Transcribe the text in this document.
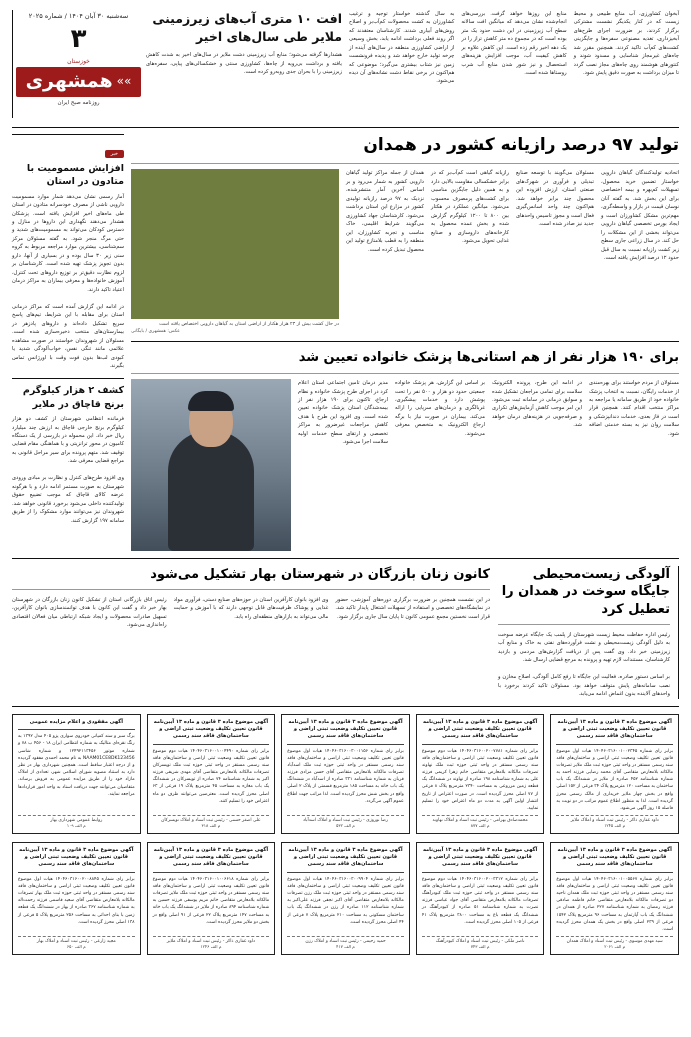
سه‌شنبه ۳۰ آبان ۱۴۰۴ / شماره ۲۰۲۵
۳
خوزستان
»»
همشهری
روزنامه صبح ایران
افت ۱۰ متری آب‌های زیرزمینی ملایر طی سال‌های اخیر
هشدارها گرفته می‌شود؛ منابع آب زیرزمینی دشت ملایر در سال‌های اخیر به شدت کاهش یافته و برداشت بی‌رویه از چاه‌ها، کشاورزی سنتی و خشکسالی‌های پیاپی، سفره‌های زیرزمینی را با بحران جدی روبه‌رو کرده است.
به سال گذشته خواستار توجیه و ترغیب کشاورزان به کشت محصولات کم‌آب‌بر و اصلاح روش‌های آبیاری شدند. کارشناسان معتقدند که اگر روند فعلی برداشت ادامه یابد، بخش وسیعی از اراضی کشاورزی منطقه در سال‌های آینده از چرخه تولید خارج خواهد شد و پدیده فرونشست زمین نیز شتاب بیشتری می‌گیرد؛ موضوعی که هم‌اکنون در برخی نقاط دشت نشانه‌های آن دیده می‌شود.
منابع این روزها خواهد گرفت. بررسی‌های انجام‌شده نشان می‌دهد که میانگین افت سالانه سطح آب زیرزمینی در این دشت حدود یک متر بوده است که در مجموع ده متر کاهش تراز را در یک دهه اخیر رقم زده است. این کاهش علاوه بر کاهش کیفیت آب، موجب افزایش هزینه‌های استحصال و نیز شور شدن منابع آب شرب روستاها شده است.
آبخوان کشاورزی، آب منابع طبیعی و محیط زیست که در کنار یکدیگر نشست مشترکی برگزار کردند، بر ضرورت اجرای طرح‌های آبخیزداری، تغذیه مصنوعی سفره‌ها و جایگزینی کشت‌های کم‌آب تاکید کردند. همچنین مقرر شد چاه‌های غیرمجاز شناسایی و مسدود شوند و کنتورهای هوشمند روی چاه‌های مجاز نصب گردد تا میزان برداشت به صورت دقیق پایش شود.
خبر
افزایش مسمومیت با متادون در استان
آمار رسمی نشان می‌دهد شمار موارد مسمومیت دارویی ناشی از مصرف خودسرانه متادون در استان طی ماه‌های اخیر افزایش یافته است. پزشکان هشدار می‌دهند نگهداری این داروها در منازل و دسترس کودکان می‌تواند به مسمومیت‌های شدید و حتی مرگ منجر شود. به گفته مسئولان مرکز سم‌شناسی، بیشترین موارد مراجعه مربوط به گروه سنی زیر ۳۰ سال بوده و در بسیاری از آنها، دارو بدون تجویز پزشک تهیه شده است. کارشناسان بر لزوم نظارت دقیق‌تر بر توزیع داروهای تحت کنترل، آموزش خانواده‌ها و معرفی بیماران به مراکز درمان اعتیاد تاکید دارند.

در ادامه این گزارش آمده است که مراکز درمانی استان برای مقابله با این شرایط، تیم‌های پاسخ سریع تشکیل داده‌اند و داروهای پادزهر در بیمارستان‌های منتخب ذخیره‌سازی شده است. مسئولان از شهروندان خواستند در صورت مشاهده علائمی مانند تنگی نفس، خواب‌آلودگی شدید یا کبودی لب‌ها بدون فوت وقت با اورژانس تماس بگیرند.
کشف ۲ هزار کیلوگرم برنج قاچاق در ملایر
فرمانده انتظامی شهرستان از کشف دو هزار کیلوگرم برنج خارجی قاچاق به ارزش چند میلیارد ریال خبر داد. این محموله در بازرسی از یک دستگاه کامیون در محور ترانزیتی و با هماهنگی مقام قضایی توقیف شد. متهم پرونده برای سیر مراحل قانونی به مراجع قضایی معرفی شد.

وی افزود طرح‌های کنترل و نظارت بر مبادی ورودی شهرستان به صورت مستمر ادامه دارد و با هرگونه عرضه کالای قاچاق که موجب تضییع حقوق تولیدکننده داخلی می‌شود برخورد قانونی خواهد شد. شهروندان نیز می‌توانند موارد مشکوک را از طریق سامانه ۱۹۷ گزارش کنند.
تولید ۹۷ درصد رازیانه کشور در همدان
در حال کشت بیش از ۲۳ هزار هکتار از اراضی استان به گیاهان دارویی اختصاص یافته است
عکس: همشهری / بایگانی
همدان از جمله مراکز تولید گیاهان دارویی کشور به شمار می‌رود و بر اساس آخرین آمار منتشرشده، نزدیک به ۹۷ درصد رازیانه تولیدی کشور در مزارع این استان برداشت می‌شود. کارشناسان جهاد کشاورزی می‌گویند شرایط اقلیمی، خاک مناسب و تجربه کشاورزان، این منطقه را به قطب بلامنازع تولید این محصول تبدیل کرده است.
رازیانه گیاهی است کم‌آب‌بر که در برابر خشکسالی مقاومت بالایی دارد و به همین دلیل جایگزین مناسبی برای کشت‌های پرمصرف محسوب می‌شود. میانگین عملکرد در هکتار بین ۸۰۰ تا ۱۲۰۰ کیلوگرم گزارش شده و بخش عمده محصول به کارخانه‌های داروسازی و صنایع غذایی تحویل می‌شود.
مسئولان می‌گویند با توسعه صنایع تبدیلی و فرآوری در شهرک‌های صنعتی استان، ارزش افزوده این محصول چند برابر خواهد شد. هم‌اکنون چند واحد اسانس‌گیری فعال است و مجوز تاسیس واحدهای جدید نیز صادر شده است.
اتحادیه تولیدکنندگان گیاهان دارویی خواستار تضمین خرید محصول، تسهیلات کم‌بهره و بیمه اختصاصی برای این بخش شد. به گفته آنان نوسان قیمت در بازار و واسطه‌گری، مهم‌ترین مشکل کشاورزان است و ایجاد بورس تخصصی گیاهان دارویی می‌تواند بخشی از این مشکلات را حل کند. در سال زراعی جاری سطح زیر کشت رازیانه نسبت به سال قبل حدود ۱۲ درصد افزایش یافته است.
برای ۱۹۰ هزار نفر از هم استانی‌ها پزشک خانواده تعیین شد
مدیر درمان تامین اجتماعی استان اعلام کرد در اجرای طرح پزشک خانواده و نظام ارجاع، تاکنون برای ۱۹۰ هزار نفر از بیمه‌شدگان استان پزشک خانواده تعیین شده است. وی افزود این طرح با هدف کاهش مراجعات غیرضرور به مراکز تخصصی و ارتقای سطح خدمات اولیه سلامت اجرا می‌شود.
بر اساس این گزارش، هر پزشک خانواده جمعیتی حدود دو هزار و ۵۰۰ نفر را تحت پوشش دارد و خدمات پیشگیری، غربالگری و درمان‌های سرپایی را ارائه می‌کند. بیماران در صورت نیاز با برگه ارجاع الکترونیک به متخصص معرفی می‌شوند.
در ادامه این طرح، پرونده الکترونیک سلامت برای تمامی مراجعان تشکیل شده و سوابق درمانی در سامانه ثبت می‌شود. این امر موجب کاهش آزمایش‌های تکراری و صرفه‌جویی در هزینه‌های درمان خواهد شد.
مسئولان از مردم خواستند برای بهره‌مندی از خدمات رایگان، نسبت به انتخاب پزشک خانواده خود از طریق سامانه یا مراجعه به مراکز منتخب اقدام کنند. همچنین قرار است در فاز بعدی، خدمات دندانپزشکی و سلامت روان نیز به بسته خدمتی اضافه شود.
کانون زنان بازرگان در شهرستان بهار تشکیل می‌شود
رئیس اتاق بازرگانی استان از تشکیل کانون زنان بازرگان در شهرستان بهار خبر داد و گفت این کانون با هدف توانمندسازی بانوان کارآفرین، تسهیل صادرات محصولات و ایجاد شبکه ارتباطی میان فعالان اقتصادی راه‌اندازی می‌شود.
وی افزود بانوان کارآفرین استان در حوزه‌های صنایع دستی، فرآوری مواد غذایی و پوشاک ظرفیت‌های قابل توجهی دارند که با آموزش و حمایت مالی می‌تواند به بازارهای منطقه‌ای راه یابد.
در این نشست همچنین بر ضرورت برگزاری دوره‌های آموزشی، حضور در نمایشگاه‌های تخصصی و استفاده از تسهیلات اشتغال پایدار تاکید شد. قرار است نخستین مجمع عمومی کانون تا پایان سال جاری برگزار شود.
آلودگی زیست‌محیطی جایگاه سوخت در همدان را تعطیل کرد
رئیس اداره حفاظت محیط زیست شهرستان از پلمب یک جایگاه عرضه سوخت به دلیل آلودگی زیست‌محیطی و نشت فرآورده‌های نفتی به خاک و منابع آب زیرزمینی خبر داد. وی گفت پس از دریافت گزارش‌های مردمی و بازدید کارشناسان، مستندات لازم تهیه و پرونده به مرجع قضایی ارسال شد.

بر اساس دستور صادره، فعالیت این جایگاه تا رفع کامل آلودگی، اصلاح مخازن و نصب سامانه‌های پایش متوقف خواهد بود. مسئولان تاکید کردند برخورد با واحدهای آلاینده بدون اغماض ادامه می‌یابد.
آگهی موضوع ماده ۳ قانون و ماده ۱۳ آیین‌نامه قانون تعیین تکلیف وضعیت ثبتی اراضی و ساختمان‌های فاقد سند رسمی
برابر رای شماره ۱۴۰۴۶۰۳۱۶۰۰۱۰۰۲۳۴۵ هیات اول موضوع قانون تعیین تکلیف وضعیت ثبتی اراضی و ساختمان‌های فاقد سند رسمی مستقر در واحد ثبتی حوزه ثبت ملک ملایر تصرفات مالکانه بلامعارض متقاضی آقای محمد رضایی فرزند احمد به شماره شناسنامه ۴۵۲ صادره از ملایر در ششدانگ یک باب ساختمان به مساحت ۱۲۰ مترمربع پلاک ۳۴ فرعی از ۱۵۲ اصلی واقع در بخش چهار ملایر خریداری از مالک رسمی محرز گردیده است. لذا به منظور اطلاع عموم مراتب در دو نوبت به فاصله ۱۵ روز آگهی می‌شود.
داود غفاری ذاکر - رئیس ثبت اسناد و املاک ملایر
م الف ۱۲۴۵
آگهی موضوع ماده ۳ قانون و ماده ۱۳ آیین‌نامه قانون تعیین تکلیف وضعیت ثبتی اراضی و ساختمان‌های فاقد سند رسمی
برابر رای شماره ۱۴۰۴۶۰۳۱۶۰۰۲۰۰۷۷۸۱ هیات دوم موضوع قانون تعیین تکلیف وضعیت ثبتی اراضی و ساختمان‌های فاقد سند رسمی مستقر در واحد ثبتی حوزه ثبت ملک نهاوند تصرفات مالکانه بلامعارض متقاضی خانم زهرا کریمی فرزند علی به شماره شناسنامه ۱۹۸ صادره از نهاوند در ششدانگ یک قطعه زمین مزروعی به مساحت ۲۳۴۰ مترمربع پلاک ۸ فرعی از ۷۷ اصلی محرز گردیده است. در صورت اعتراض از تاریخ انتشار اولین آگهی به مدت دو ماه اعتراض خود را تسلیم نمایید.
محمدصادق بهرامی - رئیس ثبت اسناد و املاک نهاوند
م الف ۸۷۷
آگهی موضوع ماده ۳ قانون و ماده ۱۳ آیین‌نامه قانون تعیین تکلیف وضعیت ثبتی اراضی و ساختمان‌های فاقد سند رسمی
برابر رای شماره ۱۴۰۴۶۰۳۱۶۰۰۳۰۰۱۱۵۶ هیات اول موضوع قانون تعیین تکلیف وضعیت ثبتی اراضی و ساختمان‌های فاقد سند رسمی مستقر در واحد ثبتی حوزه ثبت ملک اسدآباد تصرفات مالکانه بلامعارض متقاضی آقای حسن مرادی فرزند قربان به شماره شناسنامه ۳۳۱ صادره از اسدآباد در ششدانگ یک باب خانه به مساحت ۱۸۵ مترمربع قسمتی از پلاک ۲ اصلی واقع در بخش شش محرز گردیده است. لذا مراتب جهت اطلاع عموم آگهی می‌گردد.
رضا نوروزی - رئیس ثبت اسناد و املاک اسدآباد
م الف ۵۳۲
آگهی موضوع ماده ۳ قانون و ماده ۱۳ آیین‌نامه قانون تعیین تکلیف وضعیت ثبتی اراضی و ساختمان‌های فاقد سند رسمی
برابر رای شماره ۱۴۰۴۶۰۳۱۶۰۰۱۰۰۴۴۹۰ هیات دوم موضوع قانون تعیین تکلیف وضعیت ثبتی اراضی و ساختمان‌های فاقد سند رسمی مستقر در واحد ثبتی حوزه ثبت ملک تویسرکان تصرفات مالکانه بلامعارض متقاضی آقای مهدی شریفی فرزند اکبر به شماره شناسنامه ۷۴ صادره از تویسرکان در ششدانگ یک باب مغازه به مساحت ۴۵ مترمربع پلاک ۱۹ فرعی از ۶۳ اصلی محرز گردیده است. معترضین می‌توانند ظرف دو ماه اعتراض خود را تسلیم کنند.
علی اصغر حسنی - رئیس ثبت اسناد و املاک تویسرکان
م الف ۳۱۸
آگهی مفقودی و اعلام مزایده عمومی
برگ سبز و سند کمپانی خودروی سواری پژو ۴۰۵ مدل ۱۳۹۲ به رنگ نقره‌ای متالیک به شماره انتظامی ایران ۱۸ - ۴۵۶ ب ۷۸ و شماره موتور ۱۲۴۹۲۱۱۳۴۵۶ و شماره شاسی NAAM01CE8DK123456 به نام محمد احمدی مفقود گردیده و از درجه اعتبار ساقط است. همچنین شهرداری بهار در نظر دارد به استناد مصوبه شورای اسلامی شهر، تعدادی از املاک مازاد خود را از طریق مزایده عمومی به فروش برساند. متقاضیان می‌توانند جهت دریافت اسناد به واحد امور قراردادها مراجعه نمایند.
روابط عمومی شهرداری بهار
م الف ۱۰۹
آگهی موضوع ماده ۳ قانون و ماده ۱۳ آیین‌نامه قانون تعیین تکلیف وضعیت ثبتی اراضی و ساختمان‌های فاقد سند رسمی
برابر رای شماره ۱۴۰۴۶۰۳۱۶۰۰۱۰۰۵۵۶۷ هیات اول موضوع قانون تعیین تکلیف وضعیت ثبتی اراضی و ساختمان‌های فاقد سند رسمی مستقر در واحد ثبتی حوزه ثبت ملک همدان ناحیه دو تصرفات مالکانه بلامعارض متقاضی خانم فاطمه صادقی فرزند رمضان به شماره شناسنامه ۲۲۷ صادره از همدان در ششدانگ یک باب آپارتمان به مساحت ۹۶ مترمربع پلاک ۱۵۴۲ فرعی از ۲۳۹ اصلی واقع در بخش یک همدان محرز گردیده است.
سید مهدی موسوی - رئیس ثبت اسناد و املاک همدان
م الف ۲۰۶۱
آگهی موضوع ماده ۳ قانون و ماده ۱۳ آیین‌نامه قانون تعیین تکلیف وضعیت ثبتی اراضی و ساختمان‌های فاقد سند رسمی
برابر رای شماره ۱۴۰۴۶۰۳۱۶۰۰۲۰۰۳۳۱۲ هیات دوم موضوع قانون تعیین تکلیف وضعیت ثبتی اراضی و ساختمان‌های فاقد سند رسمی مستقر در واحد ثبتی حوزه ثبت ملک کبودرآهنگ تصرفات مالکانه بلامعارض متقاضی آقای جواد عباسی فرزند نصرت به شماره شناسنامه ۵۱ صادره از کبودرآهنگ در ششدانگ یک قطعه باغ به مساحت ۳۸۰۰ مترمربع پلاک ۴۱ فرعی از ۱۰۵ اصلی محرز گردیده است.
ناصر ملکی - رئیس ثبت اسناد و املاک کبودرآهنگ
م الف ۷۴۳
آگهی موضوع ماده ۳ قانون و ماده ۱۳ آیین‌نامه قانون تعیین تکلیف وضعیت ثبتی اراضی و ساختمان‌های فاقد سند رسمی
برابر رای شماره ۱۴۰۴۶۰۳۱۶۰۰۳۰۰۹۹۰۴ هیات اول موضوع قانون تعیین تکلیف وضعیت ثبتی اراضی و ساختمان‌های فاقد سند رسمی مستقر در واحد ثبتی حوزه ثبت ملک رزن تصرفات مالکانه بلامعارض متقاضی آقای اکبر نجفی فرزند علی‌اکبر به شماره شناسنامه ۱۱۲ صادره از رزن در ششدانگ یک باب ساختمان مسکونی به مساحت ۲۱۰ مترمربع پلاک ۷ فرعی از ۴۴ اصلی محرز گردیده است.
حمید رحیمی - رئیس ثبت اسناد و املاک رزن
م الف ۴۱۷
آگهی موضوع ماده ۳ قانون و ماده ۱۳ آیین‌نامه قانون تعیین تکلیف وضعیت ثبتی اراضی و ساختمان‌های فاقد سند رسمی
برابر رای شماره ۱۴۰۴۶۰۳۱۶۰۰۱۰۰۶۶۱۸ هیات دوم موضوع قانون تعیین تکلیف وضعیت ثبتی اراضی و ساختمان‌های فاقد سند رسمی مستقر در واحد ثبتی حوزه ثبت ملک ملایر تصرفات مالکانه بلامعارض متقاضی خانم مریم یوسفی فرزند حسین به شماره شناسنامه ۸۹۴ صادره از ملایر در ششدانگ یک باب خانه به مساحت ۱۴۷ مترمربع پلاک ۲۲ فرعی از ۹۱ اصلی واقع در بخش دو ملایر محرز گردیده است.
داود غفاری ذاکر - رئیس ثبت اسناد و املاک ملایر
م الف ۱۲۴۶
آگهی موضوع ماده ۳ قانون و ماده ۱۳ آیین‌نامه قانون تعیین تکلیف وضعیت ثبتی اراضی و ساختمان‌های فاقد سند رسمی
برابر رای شماره ۱۴۰۴۶۰۳۱۶۰۰۲۰۰۸۸۴۵ هیات اول موضوع قانون تعیین تکلیف وضعیت ثبتی اراضی و ساختمان‌های فاقد سند رسمی مستقر در واحد ثبتی حوزه ثبت ملک بهار تصرفات مالکانه بلامعارض متقاضی آقای سعید قاسمی فرزند رحمت‌اله به شماره شناسنامه ۳۶۷ صادره از بهار در ششدانگ یک قطعه زمین با بنای احداثی به مساحت ۲۵۶ مترمربع پلاک ۵ فرعی از ۱۳۸ اصلی محرز گردیده است.
مجید زارعی - رئیس ثبت اسناد و املاک بهار
م الف ۶۵۰
